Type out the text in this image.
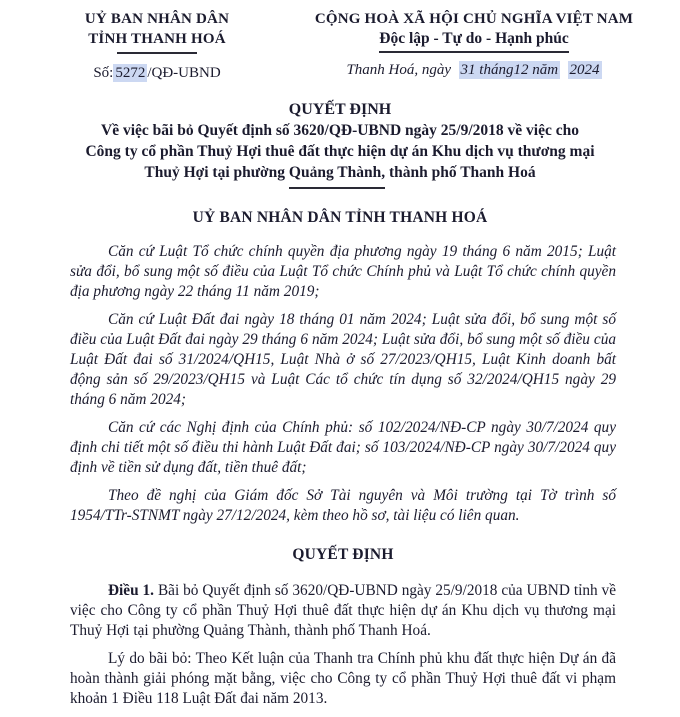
UỶ BAN NHÂN DÂN
TỈNH THANH HOÁ
Số: 5272 /QĐ-UBND
CỘNG HOÀ XÃ HỘI CHỦ NGHĨA VIỆT NAM
Độc lập - Tự do - Hạnh phúc
Thanh Hoá, ngày 31 tháng12 năm 2024
QUYẾT ĐỊNH
Về việc bãi bỏ Quyết định số 3620/QĐ-UBND ngày 25/9/2018 về việc cho
Công ty cổ phần Thuỷ Hợi thuê đất thực hiện dự án Khu dịch vụ thương mại
Thuỷ Hợi tại phường Quảng Thành, thành phố Thanh Hoá
UỶ BAN NHÂN DÂN TỈNH THANH HOÁ

Căn cứ Luật Tổ chức chính quyền địa phương ngày 19 tháng 6 năm 2015; Luật sửa đổi, bổ sung một số điều của Luật Tổ chức Chính phủ và Luật Tổ chức chính quyền địa phương ngày 22 tháng 11 năm 2019;

Căn cứ Luật Đất đai ngày 18 tháng 01 năm 2024; Luật sửa đổi, bổ sung một số điều của Luật Đất đai ngày 29 tháng 6 năm 2024; Luật sửa đổi, bổ sung một số điều của Luật Đất đai số 31/2024/QH15, Luật Nhà ở số 27/2023/QH15, Luật Kinh doanh bất động sản số 29/2023/QH15 và Luật Các tổ chức tín dụng số 32/2024/QH15 ngày 29 tháng 6 năm 2024;

Căn cứ các Nghị định của Chính phủ: số 102/2024/NĐ-CP ngày 30/7/2024 quy định chi tiết một số điều thi hành Luật Đất đai; số 103/2024/NĐ-CP ngày 30/7/2024 quy định về tiền sử dụng đất, tiền thuê đất;

Theo đề nghị của Giám đốc Sở Tài nguyên và Môi trường tại Tờ trình số 1954/TTr-STNMT ngày 27/12/2024, kèm theo hồ sơ, tài liệu có liên quan.

QUYẾT ĐỊNH

Điều 1. Bãi bỏ Quyết định số 3620/QĐ-UBND ngày 25/9/2018 của UBND tỉnh về việc cho Công ty cổ phần Thuỷ Hợi thuê đất thực hiện dự án Khu dịch vụ thương mại Thuỷ Hợi tại phường Quảng Thành, thành phố Thanh Hoá.

Lý do bãi bỏ: Theo Kết luận của Thanh tra Chính phủ khu đất thực hiện Dự án đã hoàn thành giải phóng mặt bằng, việc cho Công ty cổ phần Thuỷ Hợi thuê đất vi phạm khoản 1 Điều 118 Luật Đất đai năm 2013.
